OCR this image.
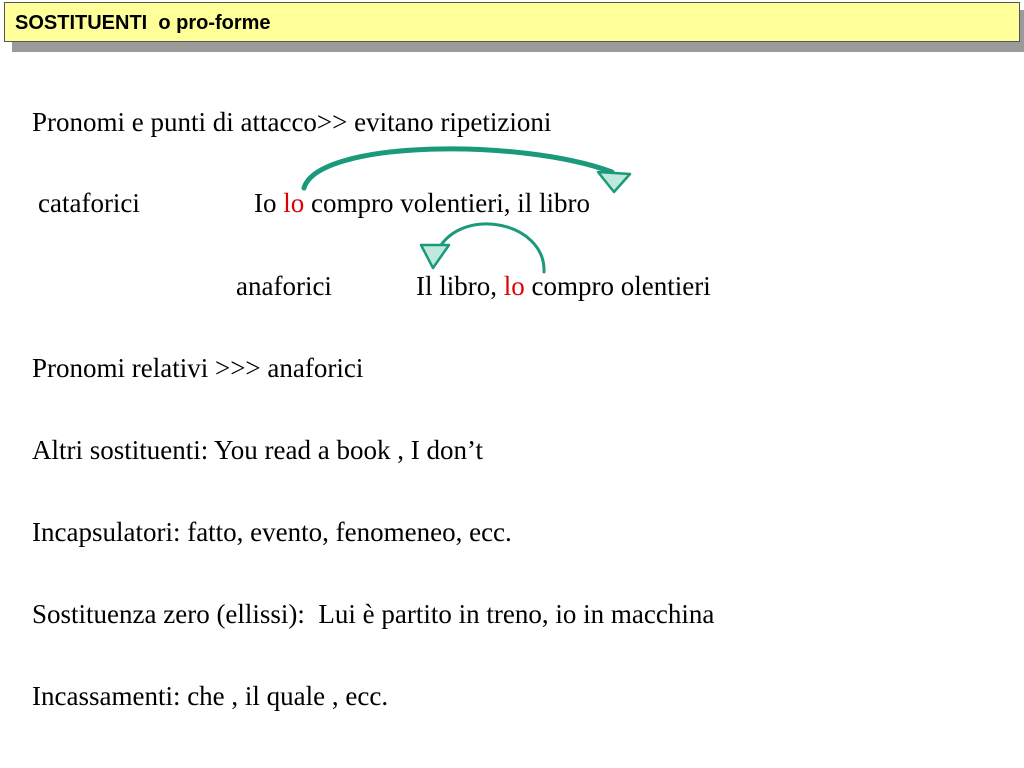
SOSTITUENTI  o pro-forme
Pronomi e punti di attacco>> evitano ripetizioni
cataforici	Io lo compro volentieri, il libro
anaforici	Il libro, lo compro olentieri
Pronomi relativi >>> anaforici
Altri sostituenti: You read a book , I don’t
Incapsulatori: fatto, evento, fenomeneo, ecc.
Sostituenza zero (ellissi):  Lui è partito in treno, io in macchina
Incassamenti: che , il quale , ecc.
